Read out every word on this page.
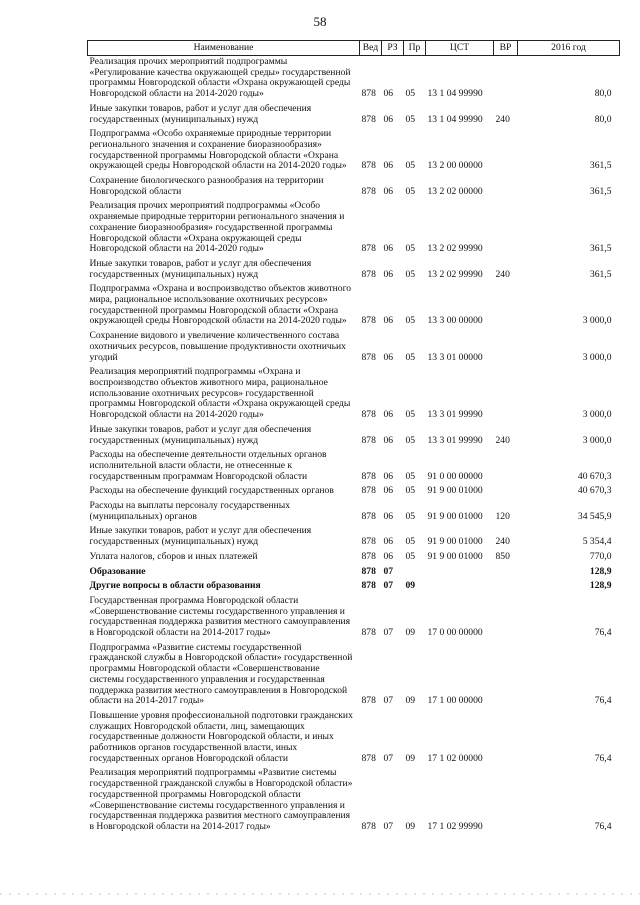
58
Наименование	Вед	РЗ	Пр	ЦСТ	ВР	2016 год
Реализация прочих мероприятий подпрограммы «Регулирование качества окружающей среды» государственной программы Новгородской области «Охрана окружающей среды Новгородской области на 2014-2020 годы»	878	06	05	13 1 04 99990		80,0
Иные закупки товаров, работ и услуг для обеспечения государственных (муниципальных) нужд	878	06	05	13 1 04 99990	240	80,0
Подпрограмма «Особо охраняемые природные территории регионального значения и сохранение биоразнообразия» государственной программы Новгородской области «Охрана окружающей среды Новгородской области на 2014-2020 годы»	878	06	05	13 2 00 00000		361,5
Сохранение биологического разнообразия на территории Новгородской области	878	06	05	13 2 02 00000		361,5
Реализация прочих мероприятий подпрограммы «Особо охраняемые природные территории регионального значения и сохранение биоразнообразия» государственной программы Новгородской области «Охрана окружающей среды Новгородской области на 2014-2020 годы»	878	06	05	13 2 02 99990		361,5
Иные закупки товаров, работ и услуг для обеспечения государственных (муниципальных) нужд	878	06	05	13 2 02 99990	240	361,5
Подпрограмма «Охрана и воспроизводство объектов животного мира, рациональное использование охотничьих ресурсов» государственной программы Новгородской области «Охрана окружающей среды Новгородской области на 2014-2020 годы»	878	06	05	13 3 00 00000		3 000,0
Сохранение видового и увеличение количественного состава охотничьих ресурсов, повышение продуктивности охотничьих угодий	878	06	05	13 3 01 00000		3 000,0
Реализация мероприятий подпрограммы «Охрана и воспроизводство объектов животного мира, рациональное использование охотничьих ресурсов» государственной программы Новгородской области «Охрана окружающей среды Новгородской области на 2014-2020 годы»	878	06	05	13 3 01 99990		3 000,0
Иные закупки товаров, работ и услуг для обеспечения государственных (муниципальных) нужд	878	06	05	13 3 01 99990	240	3 000,0
Расходы на обеспечение деятельности отдельных органов исполнительной власти области, не отнесенные к государственным программам Новгородской области	878	06	05	91 0 00 00000		40 670,3
Расходы на обеспечение функций государственных органов	878	06	05	91 9 00 01000		40 670,3
Расходы на выплаты персоналу государственных (муниципальных) органов	878	06	05	91 9 00 01000	120	34 545,9
Иные закупки товаров, работ и услуг для обеспечения государственных (муниципальных) нужд	878	06	05	91 9 00 01000	240	5 354,4
Уплата налогов, сборов и иных платежей	878	06	05	91 9 00 01000	850	770,0
Образование	878	07				128,9
Другие вопросы в области образования	878	07	09			128,9
Государственная программа Новгородской области «Совершенствование системы государственного управления и государственная поддержка развития местного самоуправления в Новгородской области на 2014-2017 годы»	878	07	09	17 0 00 00000		76,4
Подпрограмма «Развитие системы государственной гражданской службы в Новгородской области» государственной программы Новгородской области «Совершенствование системы государственного управления и государственная поддержка развития местного самоуправления в Новгородской области на 2014-2017 годы»	878	07	09	17 1 00 00000		76,4
Повышение уровня профессиональной подготовки гражданских служащих Новгородской области, лиц, замещающих государственные должности Новгородской области, и иных работников органов государственной власти, иных государственных органов Новгородской области	878	07	09	17 1 02 00000		76,4
Реализация мероприятий подпрограммы «Развитие системы государственной гражданской службы в Новгородской области» государственной программы Новгородской области «Совершенствование системы государственного управления и государственная поддержка развития местного самоуправления в Новгородской области на 2014-2017 годы»	878	07	09	17 1 02 99990		76,4
